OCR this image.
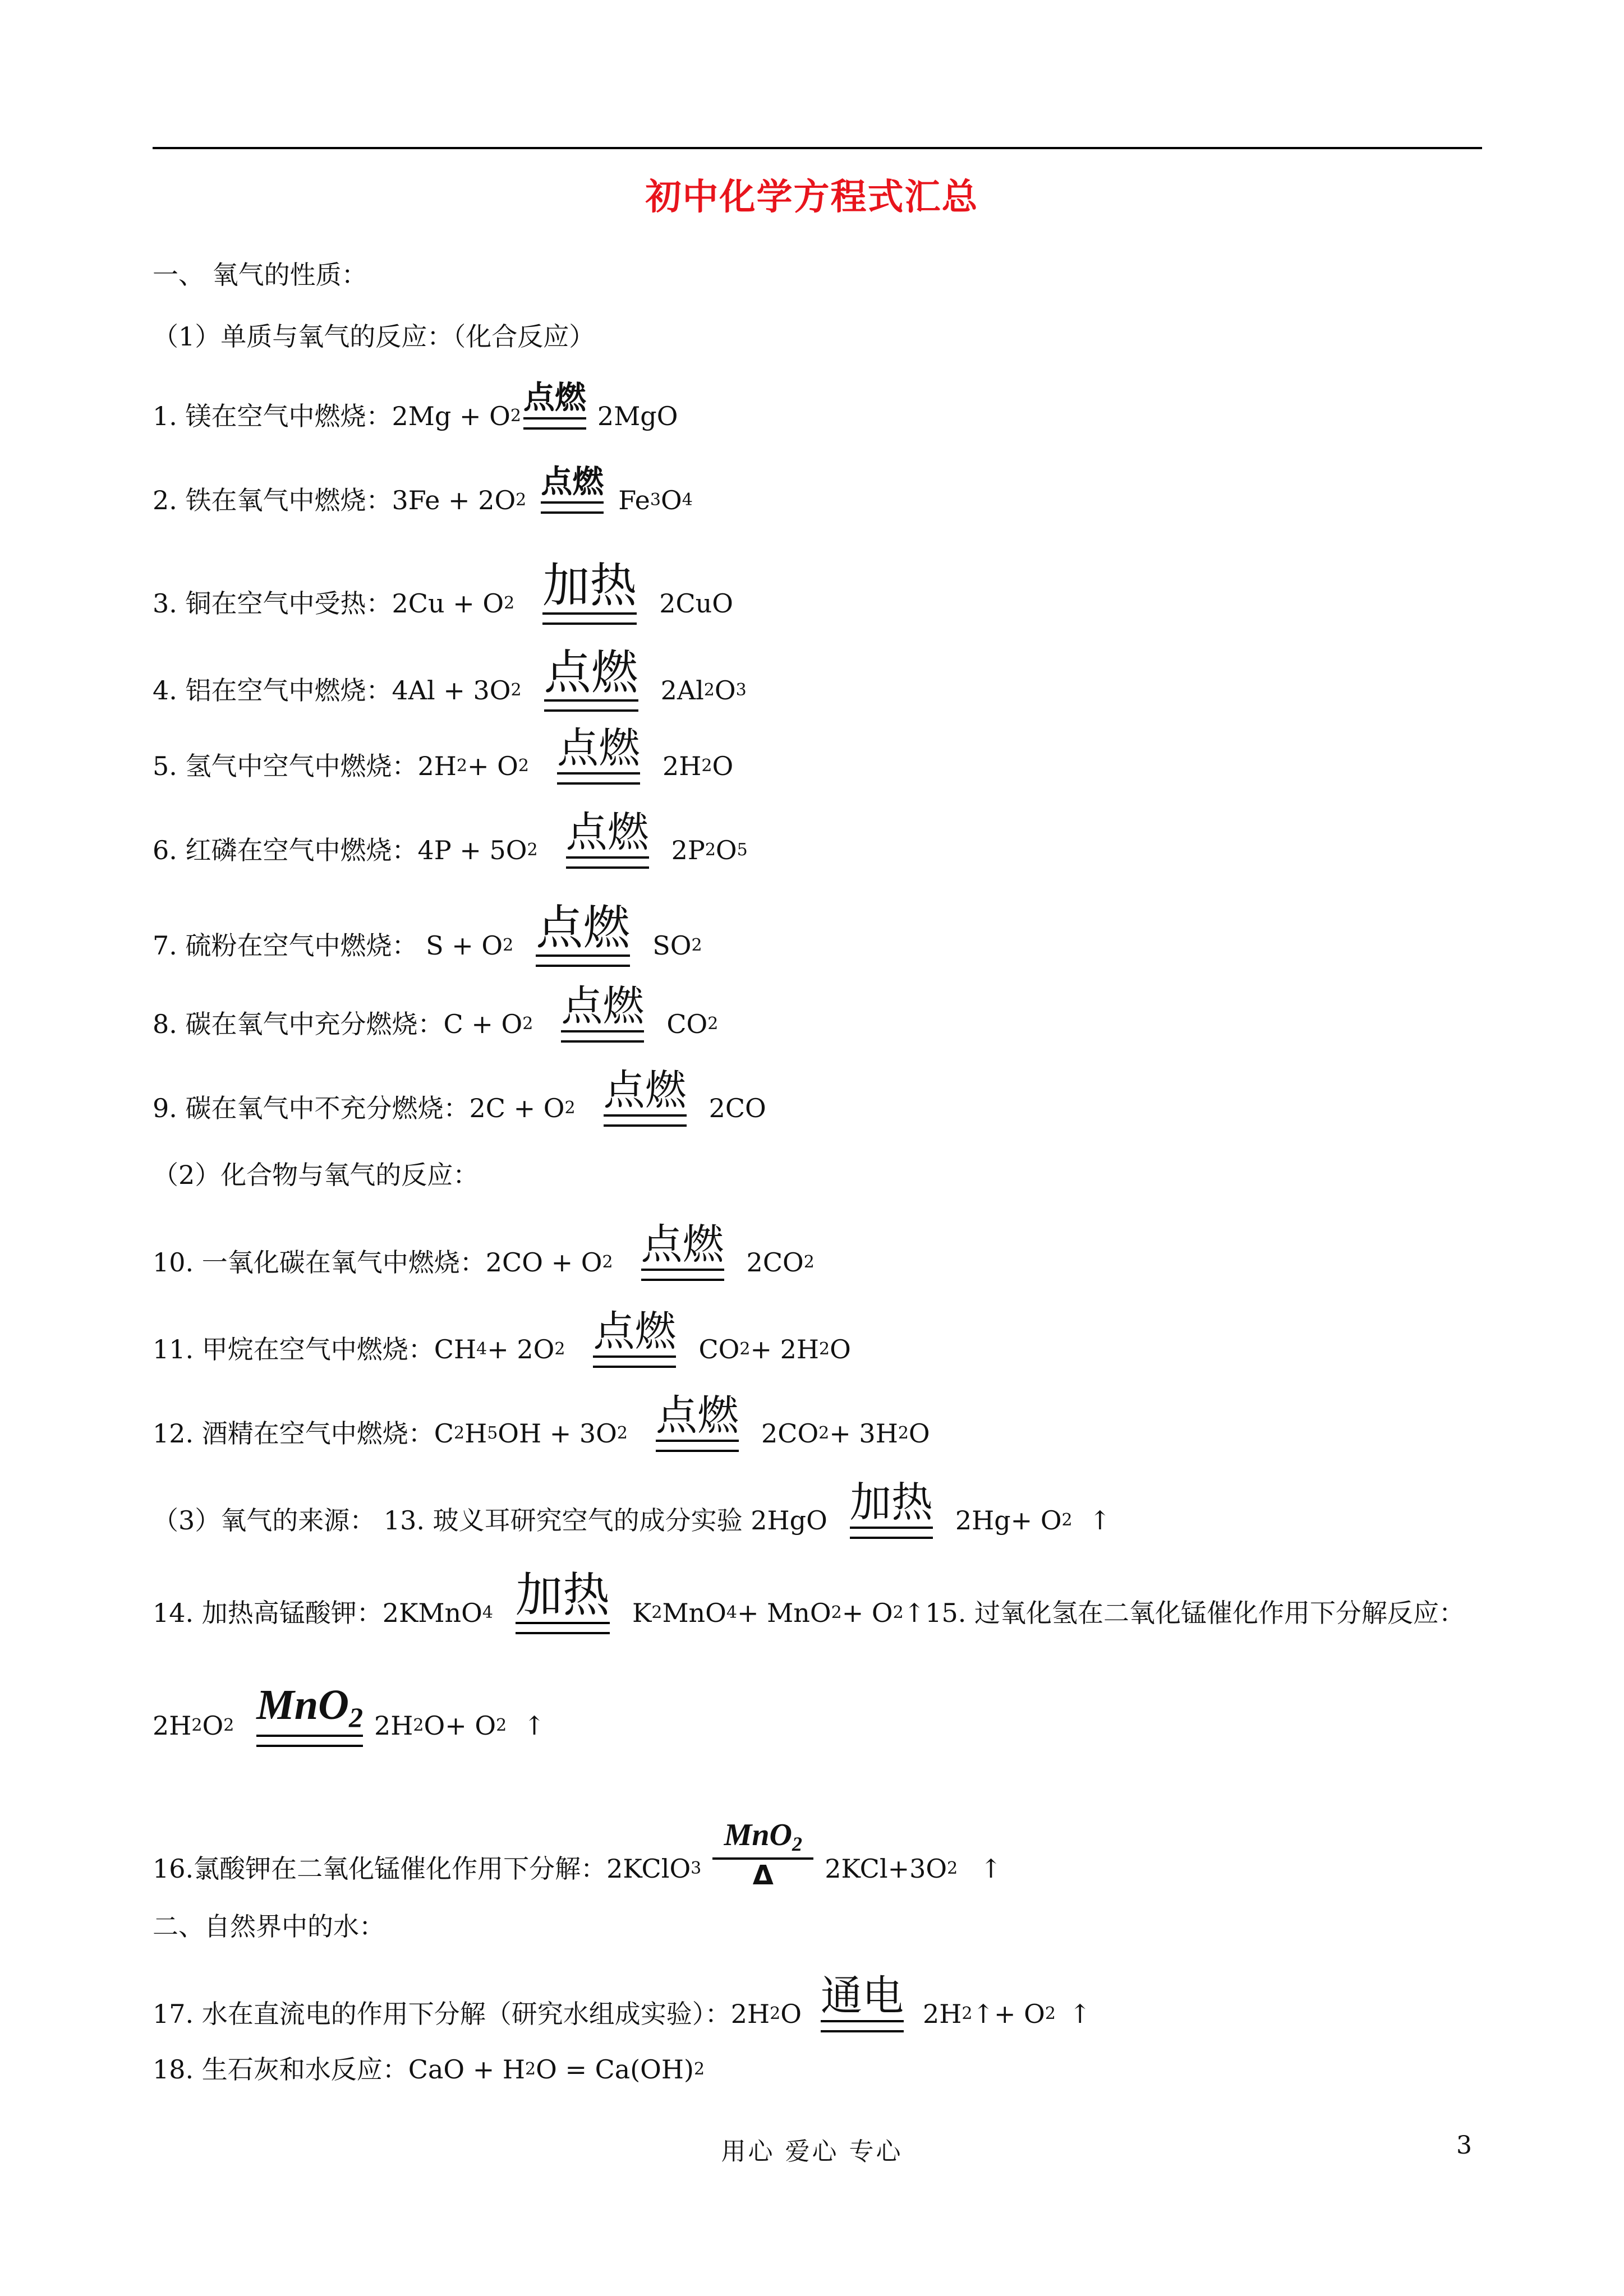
初中化学方程式汇总
一、 氧气的性质：
（1）单质与氧气的反应：（化合反应）
1. 镁在空气中燃烧：2Mg + O 2 点燃 2MgO
2. 铁在氧气中燃烧：3Fe + 2O 2 点燃 Fe 3 O 4
3. 铜在空气中受热：2Cu + O 2 加热 2CuO
4. 铝在空气中燃烧：4Al + 3O 2 点燃 2Al 2 O 3
5. 氢气中空气中燃烧：2H 2 + O 2 点燃 2H 2 O
6. 红磷在空气中燃烧：4P + 5O 2 点燃 2P 2 O 5
7. 硫粉在空气中燃烧： S + O 2 点燃 SO 2
8. 碳在氧气中充分燃烧：C + O 2 点燃 CO 2
9. 碳在氧气中不充分燃烧：2C + O 2 点燃 2CO
（2）化合物与氧气的反应：
10. 一氧化碳在氧气中燃烧：2CO + O 2 点燃 2CO 2
11. 甲烷在空气中燃烧：CH 4 + 2O 2 点燃 CO 2 + 2H 2 O
12. 酒精在空气中燃烧：C 2 H 5 OH + 3O 2 点燃 2CO 2 + 3H 2 O
（3）氧气的来源： 13. 玻义耳研究空气的成分实验 2HgO 加热 2Hg+ O 2 ↑
14. 加热高锰酸钾：2KMnO 4 加热 K 2 MnO 4 + MnO 2 + O 2 ↑ 15. 过氧化氢在二氧化锰催化作用下分解反应：
2H 2 O 2 MnO$_2$ 2H 2 O+ O 2 ↑
16.氯酸钾在二氧化锰催化作用下分解：2KClO $3 \frac{MnO_2}{\Delta} 2KCl+3O$ 2 ↑
二、自然界中的水：
17. 水在直流电的作用下分解（研究水组成实验）：2H 2 O 通电 2H 2 ↑+ O 2 ↑
18. 生石灰和水反应：CaO + H 2 O = Ca(OH) 2
用心 爱心 专心	3
